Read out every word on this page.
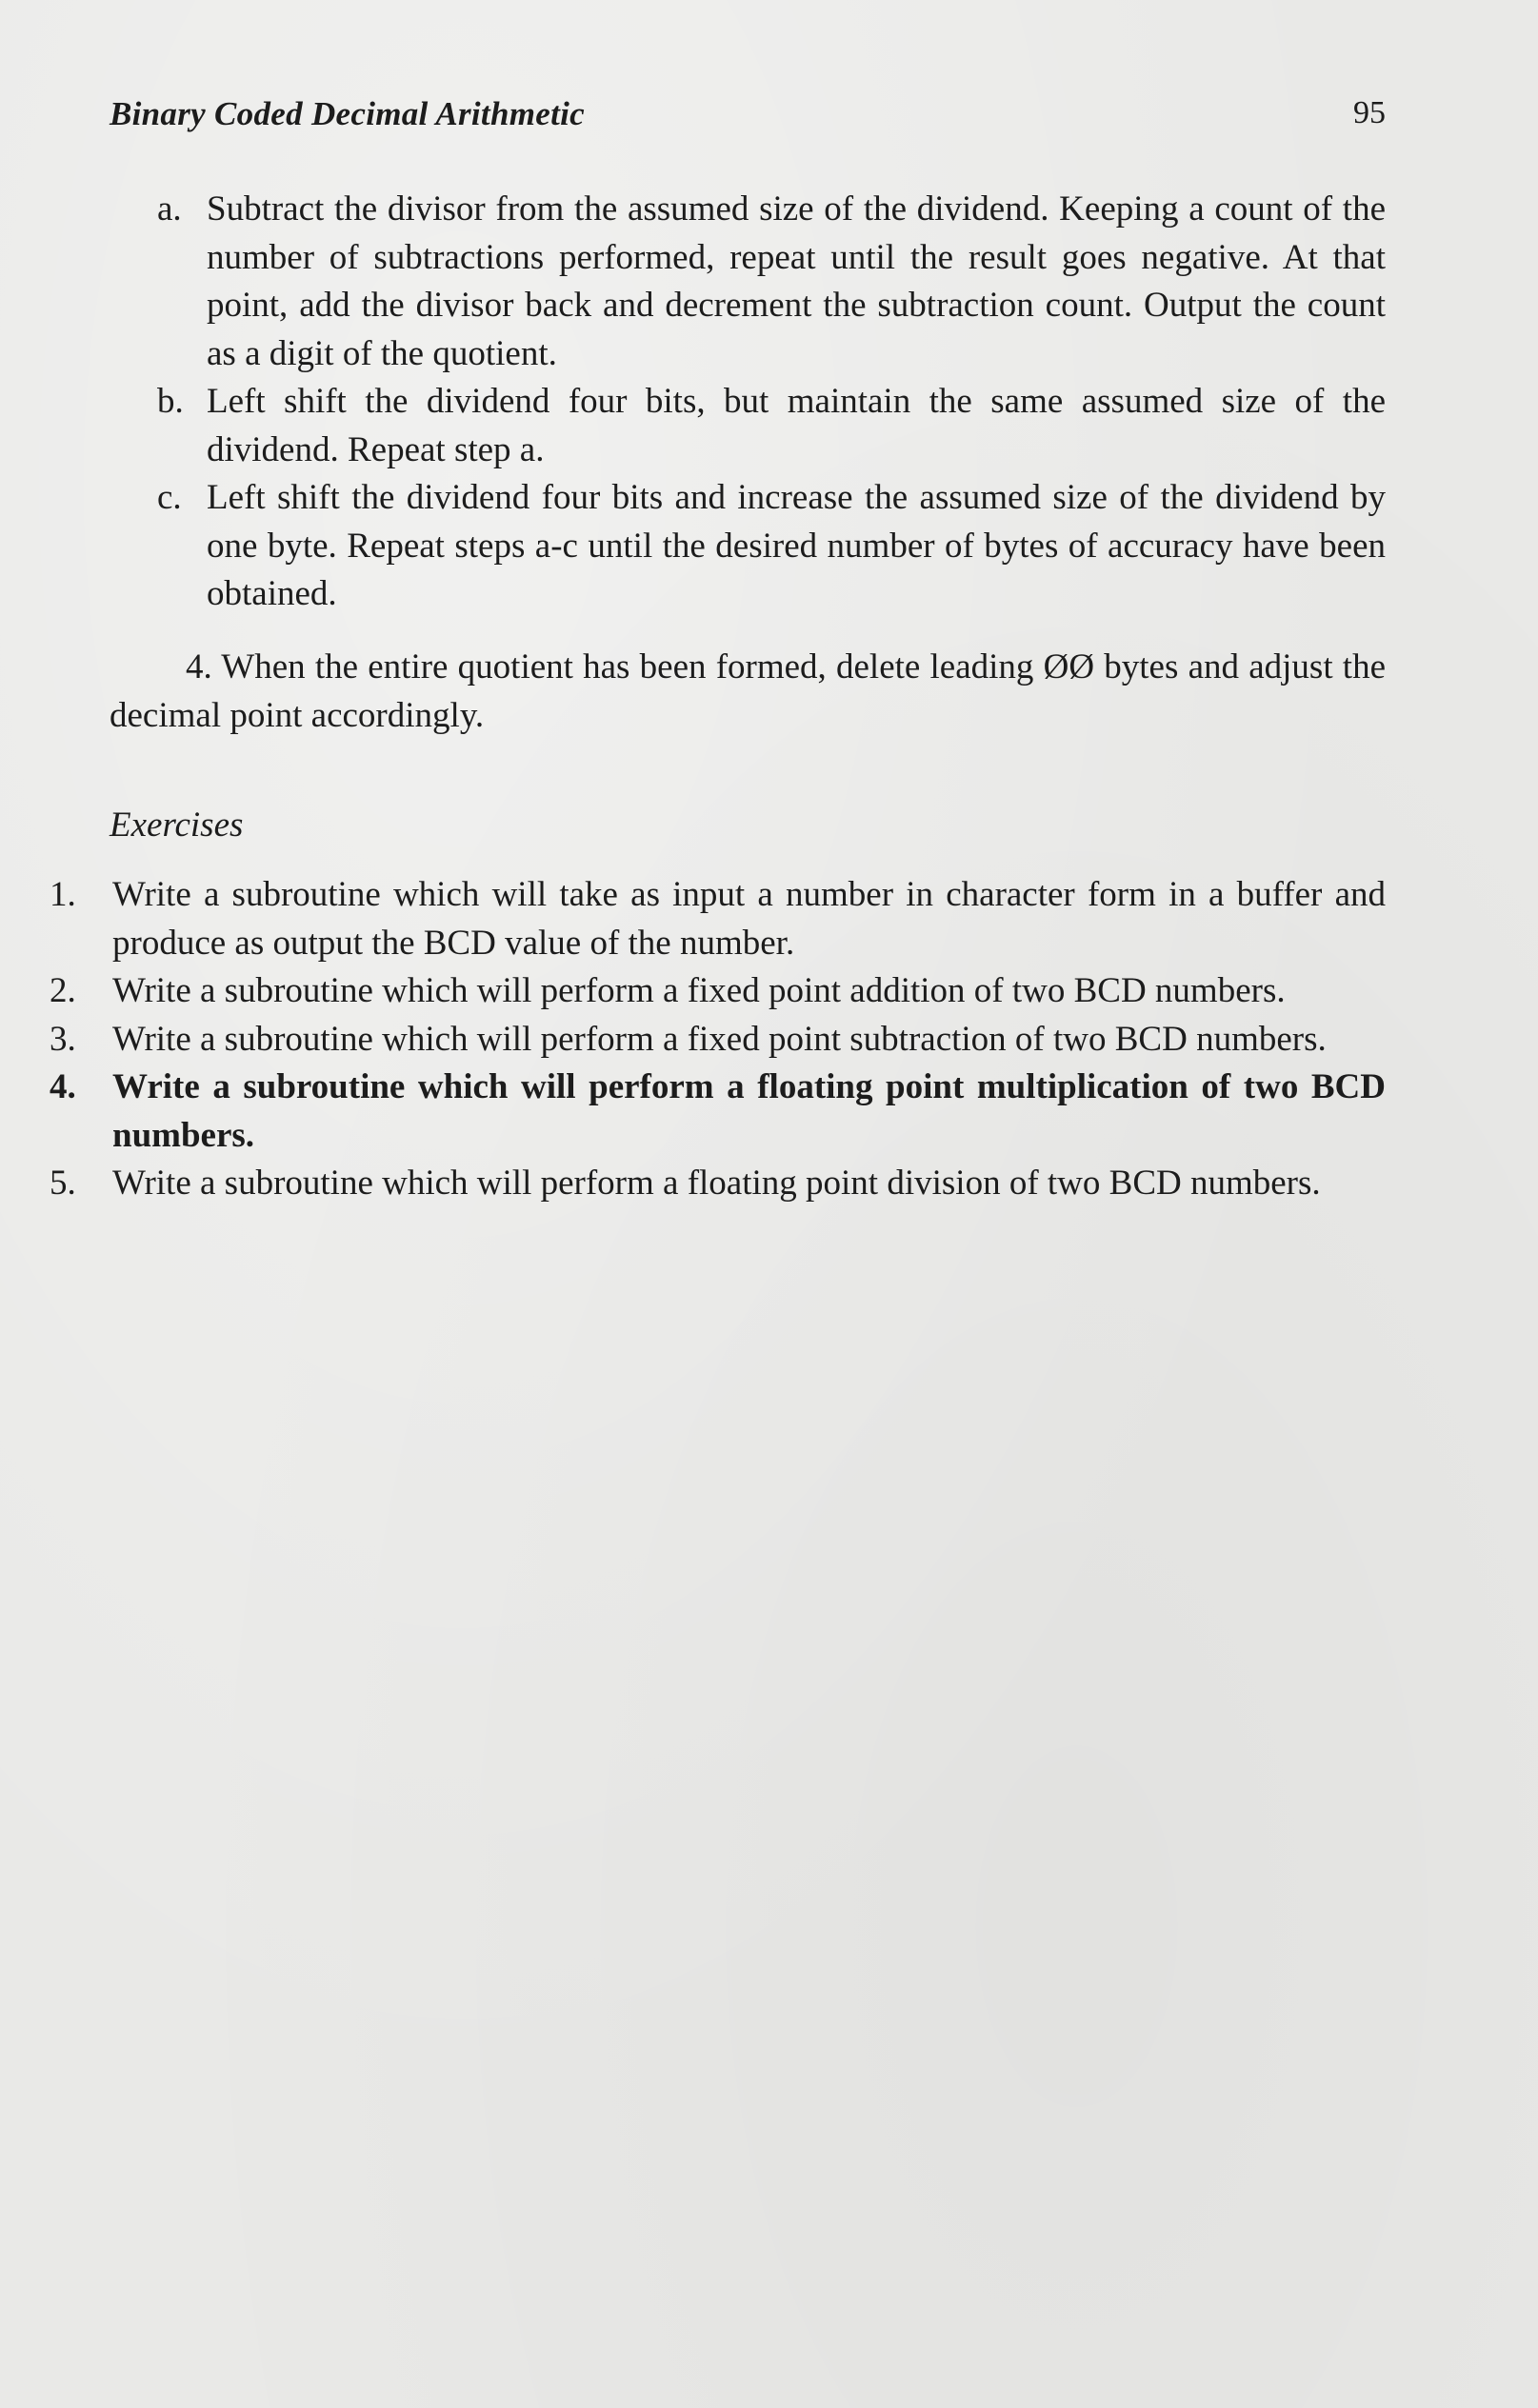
Binary Coded Decimal Arithmetic	95
a. Subtract the divisor from the assumed size of the dividend. Keeping a count of the number of subtractions performed, repeat until the result goes negative. At that point, add the divisor back and decrement the subtraction count. Output the count as a digit of the quotient.
b. Left shift the dividend four bits, but maintain the same assumed size of the dividend. Repeat step a.
c. Left shift the dividend four bits and increase the assumed size of the dividend by one byte. Repeat steps a-c until the desired number of bytes of accuracy have been obtained.
4. When the entire quotient has been formed, delete leading ØØ bytes and adjust the decimal point accordingly.
Exercises
1.	Write a subroutine which will take as input a number in character form in a buffer and produce as output the BCD value of the number.
2.	Write a subroutine which will perform a fixed point addition of two BCD numbers.
3.	Write a subroutine which will perform a fixed point subtraction of two BCD numbers.
4.	Write a subroutine which will perform a floating point multiplication of two BCD numbers.
5.	Write a subroutine which will perform a floating point division of two BCD numbers.
